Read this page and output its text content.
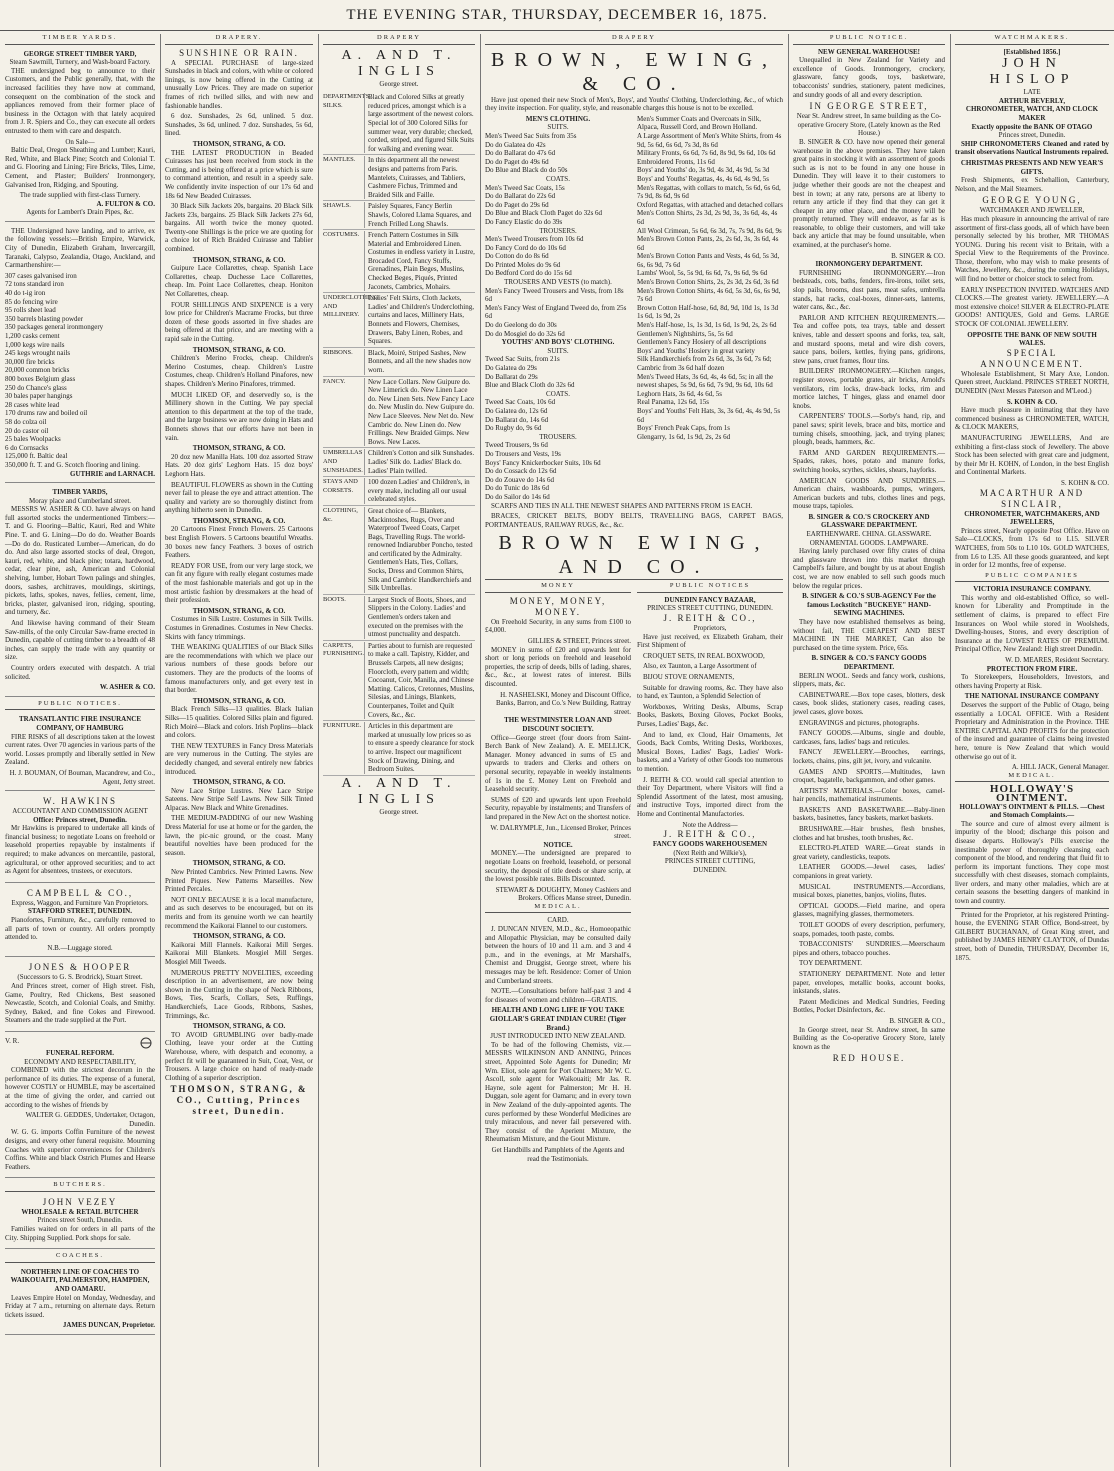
THE EVENING STAR, THURSDAY, DECEMBER 16, 1875.
TIMBER YARDS.
GEORGE STREET TIMBER YARD,
Steam Sawmill, Turnery, and Wash-board Factory.

THE undersigned beg to announce to their Customers, and the Public generally, that, with the increased facilities they have now at command, consequent on the combination of the stock and appliances removed from their former place of business in the Octagon with that lately acquired from J. R. Spiers and Co., they can execute all orders entrusted to them with care and despatch.

On Sale—

Baltic Deal, Oregon Sheathing and Lumber; Kauri, Red, White, and Black Pine; Scotch and Colonial T. and G. Flooring and Lining; Fire Bricks, Tiles, Lime, Cement, and Plaster; Builders' Ironmongery, Galvanised Iron, Ridging, and Spouting.

The trade supplied with first-class Turnery.
A. FULTON & CO.
Agents for Lambert's Drain Pipes, &c.

THE Undersigned have landing, and to arrive, ex the following vessels:—British Empire, Warwick, City of Dunedin, Elizabeth Graham, Invercargill, Taranaki, Calypso, Zealandia, Otago, Auckland, and Carmarthenshire:—

307 cases galvanised iron
72 tons standard iron
40 do t-ig iron
85 do fencing wire
95 rolls sheet lead
350 barrels blasting powder
350 packages general ironmongery
1,200 casks cement
1,000 kegs wire nails
245 kegs wrought nails
30,000 fire bricks
20,000 common bricks
800 boxes Belgium glass
250 do Chance's glass
30 bales paper hangings
28 cases white lead
170 drums raw and boiled oil
58 do colza oil
20 do castor oil
25 bales Woolpacks
6 do Cornsacks
125,000 ft. Baltic deal
350,000 ft. T. and G. Scotch flooring and lining.
GUTHRIE and LARNACH.
TIMBER YARDS,
Moray place and Cumberland street.

MESSRS W. ASHER & CO. have always on hand full assorted stocks the undermentioned Timbers:— T. and G. Flooring—Baltic, Kauri, Red and White Pine. T. and G. Lining—Do do do. Weather Boards—Do do do. Rusticated Lumber—American, do do do. And also large assorted stocks of deal, Oregon, kauri, red, white, and black pine; totara, hardwood, cedar, clear pine, ash, American and Colonial shelving, lumber, Hobart Town palings and shingles, doors, sashes, architraves, mouldings, skirtings, pickets, laths, spokes, naves, fellies, cement, lime, bricks, plaster, galvanised iron, ridging, spouting, and turnery, &c.

And likewise having command of their Steam Saw-mills, of the only Circular Saw-frame erected in Dunedin, capable of cutting timber to a breadth of 48 inches, can supply the trade with any quantity or size.

Country orders executed with despatch. A trial solicited.

W. ASHER & CO.
PUBLIC NOTICES.
TRANSATLANTIC FIRE INSURANCE COMPANY, OF HAMBURG

FIRE RISKS of all descriptions taken at the lowest current rates. Over 70 agencies in various parts of the world. Losses promptly and liberally settled in New Zealand.

H. J. BOUMAN, Of Bouman, Macandrew, and Co., Agent, Jetty street.
W. HAWKINS
ACCOUNTANT AND COMMISSION AGENT
Office: Princes street, Dunedin.

Mr Hawkins is prepared to undertake all kinds of financial business; to negotiate Loans on freehold or leasehold properties repayable by instalments if required; to make advances on mercantile, pastoral, agricultural, or other approved securities; and to act as Agent for absentees, trustees, or executors.

CAMPBELL & CO.,
Express, Waggon, and Furniture Van Proprietors.
STAFFORD STREET, DUNEDIN.

Pianofortes, Furniture, &c., carefully removed to all parts of town or country. All orders promptly attended to.

N.B.—Luggage stored.
JONES & HOOPER
(Successors to G. S. Brodrick), Stuart Street.

And Princes street, corner of High street. Fish, Game, Poultry, Red Chickens, Best seasoned Newcastle, Scotch, and Colonial Coals, and Smithy. Sydney, Baked, and fine Cokes and Firewood. Steamers and the trade supplied at the Port.

V. R.
FUNERAL REFORM.
ECONOMY AND RESPECTABILITY,

COMBINED with the strictest decorum in the performance of its duties. The expense of a funeral, however COSTLY or HUMBLE, may be ascertained at the time of giving the order, and carried out according to the wishes of friends by

WALTER G. GEDDES, Undertaker, Octagon, Dunedin.

W. G. G. imports Coffin Furniture of the newest designs, and every other funeral requisite. Mourning Coaches with superior conveniences for Children's Coffins. White and black Ostrich Plumes and Hearse Feathers.

BUTCHERS.
JOHN VEZEY
WHOLESALE & RETAIL BUTCHER
Princes street South, Dunedin.

Families waited on for orders in all parts of the City. Shipping Supplied. Pork shops for sale.

COACHES.
NORTHERN LINE OF COACHES TO WAIKOUAITI, PALMERSTON, HAMPDEN, AND OAMARU.

Leaves Empire Hotel on Monday, Wednesday, and Friday at 7 a.m., returning on alternate days. Return tickets issued.

JAMES DUNCAN, Proprietor.
DRAPERY.
SUNSHINE OR RAIN.
A SPECIAL PURCHASE of large-sized Sunshades in black and colors, with white or colored linings, is now being offered in the Cutting at unusually Low Prices. They are made on superior frames of rich twilled silks, and with new and fashionable handles.
6 doz. Sunshades, 2s 6d, unlined. 5 doz. Sunshades, 3s 6d, unlined. 7 doz. Sunshades, 5s 6d, lined.
THOMSON, STRANG, & CO.
THE LATEST PRODUCTION in Beaded Cuirasses has just been received from stock in the Cutting, and is being offered at a price which is sure to command attention, and result in a speedy sale. We confidently invite inspection of our 17s 6d and 18s 6d New Beaded Cuirasses.
30 Black Silk Jackets 20s, bargains. 20 Black Silk Jackets 23s, bargains. 25 Black Silk Jackets 27s 6d, bargains. All worth twice the money quoted. Twenty-one Shillings is the price we are quoting for a choice lot of Rich Braided Cuirasse and Tablier combined.
THOMSON, STRANG, & CO.
Guipure Lace Collarettes, cheap. Spanish Lace Collarettes, cheap. Duchesse Lace Collarettes, cheap. Im. Point Lace Collarettes, cheap. Honiton Net Collarettes, cheap.
FOUR SHILLINGS AND SIXPENCE is a very low price for Children's Macrame Frocks, but three dozen of these goods assorted in five shades are being offered at that price, and are meeting with a rapid sale in the Cutting.
THOMSON, STRANG, & CO.
Children's Merino Frocks, cheap. Children's Merino Costumes, cheap. Children's Lustre Costumes, cheap. Children's Holland Pinafores, new shapes. Children's Merino Pinafores, trimmed.
MUCH LIKED OF, and deservedly so, is the Millinery shown in the Cutting. We pay special attention to this department at the top of the trade, and the large business we are now doing in Hats and Bonnets shows that our efforts have not been in vain.
THOMSON, STRANG, & CO.
20 doz new Manilla Hats. 100 doz assorted Straw Hats. 20 doz girls' Leghorn Hats. 15 doz boys' Leghorn Hats.
BEAUTIFUL FLOWERS as shown in the Cutting never fail to please the eye and attract attention. The quality and variety are so thoroughly distinct from anything hitherto seen in Dunedin.
THOMSON, STRANG, & CO.
20 Cartoons Finest French Flowers. 25 Cartoons best English Flowers. 5 Cartoons beautiful Wreaths. 30 boxes new fancy Feathers. 3 boxes of ostrich Feathers.
READY FOR USE, from our very large stock, we can fit any figure with really elegant costumes made of the most fashionable materials and got up in the most artistic fashion by dressmakers at the head of their profession.
THOMSON, STRANG, & CO.
Costumes in Silk Lustre. Costumes in Silk Twills. Costumes in Grenadines. Costumes in New Checks. Skirts with fancy trimmings.
THE WEAKING QUALITIES of our Black Silks are the recommendations with which we place our various numbers of these goods before our customers. They are the products of the looms of famous manufacturers only, and get every test in that border.
THOMSON, STRANG, & CO.
Black French Silks—13 qualities. Black Italian Silks—15 qualities. Colored Silks plain and figured. Rich Moiré—Black and colors. Irish Poplins—black and colors.
THE NEW TEXTURES in Fancy Dress Materials are very numerous in the Cutting. The styles are decidedly changed, and several entirely new fabrics introduced.
THOMSON, STRANG, & CO.
New Lace Stripe Lustres. New Lace Stripe Sateens. New Stripe Self Lawns. New Silk Tinted Alpacas. New Black and White Grenadines.
THE MEDIUM-PADDING of our new Washing Dress Material for use at home or for the garden, the lawn, the pic-nic ground, or the coast. Many beautiful novelties have been produced for the season.
THOMSON, STRANG, & CO.
New Printed Cambrics. New Printed Lawns. New Printed Piques. New Patterns Marseilles. New Printed Percales.
NOT ONLY BECAUSE it is a local manufacture, and as such deserves to be encouraged, but on its merits and from its genuine worth we can heartily recommend the Kaikorai Flannel to our customers.
THOMSON, STRANG, & CO.
Kaikorai Mill Flannels. Kaikorai Mill Serges. Kaikorai Mill Blankets. Mosgiel Mill Serges. Mosgiel Mill Tweeds.
NUMEROUS PRETTY NOVELTIES, exceeding description in an advertisement, are now being shown in the Cutting in the shape of Neck Ribbons, Bows, Ties, Scarfs, Collars, Sets, Ruffings, Handkerchiefs, Lace Goods, Ribbons, Sashes, Trimmings, &c.
THOMSON, STRANG, & CO.
TO AVOID GRUMBLING over badly-made Clothing, leave your order at the Cutting Warehouse, where, with despatch and economy, a perfect fit will be guaranteed in Suit, Coat, Vest, or Trousers. A large choice on hand of ready-made Clothing of a superior description.
THOMSON, STRANG, & CO., Cutting, Princes street, Dunedin.
DRAPERY
A. AND T. INGLIS
George street.
DEPARTMENTS. SILKS.
Black and Colored Silks at greatly reduced prices, amongst which is a large assortment of the newest colors. Special lot of 300 Colored Silks for summer wear, very durable; checked, corded, striped, and figured Silk Suits for walking and evening wear.
MANTLES.	In this department all the newest designs and patterns from Paris. Mantelets, Cuirasses, and Tabliers, Cashmere Fichus, Trimmed and Braided Silk and Faille.
SHAWLS.	Paisley Squares, Fancy Berlin Shawls, Colored Llama Squares, and French Frilled Long Shawls.
COSTUMES.	French Pattern Costumes in Silk Material and Embroidered Linen. Costumes in endless variety in Lustre, Brocaded Cord, Fancy Stuffs, Grenadines, Plain Beges, Muslins, Checked Beges, Piqués, Printed Jaconets, Cambrics, Mohairs.
UNDERCLOTHING AND MILLINERY.
Ladies' Felt Skirts, Cloth Jackets, Ladies' and Children's Underclothing, curtains and laces, Millinery Hats, Bonnets and Flowers, Chemises, Drawers, Baby Linen, Robes, and Squares.
RIBBONS.	Black, Moiré, Striped Sashes, New Bonnets, and all the new shades now worn.
FANCY.	New Lace Collars. New Guipure do. New Limerick do. New Linen Lace do. New Linen Sets. New Fancy Lace do. New Muslin do. New Guipure do. New Lace Sleeves. New Net do. New Cambric do. New Linen do. New Frillings. New Braided Gimps. New Bows. New Laces.
UMBRELLAS AND SUNSHADES.
Children's Cotton and silk Sunshades. Ladies' Silk do. Ladies' Black do. Ladies' Plain twilled.
STAYS AND CORSETS.
100 dozen Ladies' and Children's, in every make, including all our usual celebrated styles.
CLOTHING, &c.
Great choice of— Blankets, Mackintoshes, Rugs, Over and Waterproof Tweed Coats, Carpet Bags, Travelling Rugs. The world-renowned Indiarubber Poncho, tested and certificated by the Admiralty. Gentlemen's Hats, Ties, Collars, Socks, Dress and Common Shirts, Silk and Cambric Handkerchiefs and Silk Umbrellas.
BOOTS.	Largest Stock of Boots, Shoes, and Slippers in the Colony. Ladies' and Gentlemen's orders taken and executed on the premises with the utmost punctuality and despatch.
CARPETS, FURNISHING.
Parties about to furnish are requested to make a call. Tapistry, Kidder, and Brussels Carpets, all new designs; Floorcloth, every pattern and width; Cocoanut, Coir, Manilla, and Chinese Matting. Calicos, Cretonnes, Muslins, Silesias, and Linings, Blankets, Counterpanes, Toilet and Quilt Covers, &c., &c.
FURNITURE. Articles in this department are marked at unusually low prices so as to ensure a speedy clearance for stock to arrive. Inspect our magnificent Stock of Drawing, Dining, and Bedroom Suites.
A. AND T. INGLIS
George street.
DRAPERY
BROWN, EWING, & CO.

Have just opened their new Stock of Men's, Boys', and Youths' Clothing, Underclothing, &c., of which they invite inspection. For quality, style, and reasonable charges this house is not to be excelled.

MEN'S CLOTHING.
SUITS.
Men's Tweed Sac Suits from 35s
Do do Galatea do 42s
Do do Ballarat do 47s 6d
Do do Paget do 49s 6d
Do Blue and Black do do 50s
COATS.
Men's Tweed Sac Coats, 15s
Do do Ballarat do 22s 6d
Do do Paget do 29s 6d
Do Blue and Black Cloth Paget do 32s 6d
Do Fancy Elastic do do 39s
TROUSERS.
Men's Tweed Trousers from 10s 6d
Do Fancy Cord do do 10s 6d
Do Cotton do do 8s 6d
Do Printed Moles do 9s 6d
Do Bedford Cord do do 15s 6d
TROUSERS AND VESTS (to match).
Men's Fancy Tweed Trousers and Vests, from 18s 6d
Men's Fancy West of England Tweed do, from 25s 6d
Do do Geelong do do 30s
Do do Mosgiel do do 32s 6d
YOUTHS' AND BOYS' CLOTHING.
SUITS.
Tweed Sac Suits, from 21s
Do Galatea do 29s
Do Ballarat do 29s
Blue and Black Cloth do 32s 6d
COATS.
Tweed Sac Coats, 10s 6d
Do Galatea do, 12s 6d
Do Ballarat do, 14s 6d
Do Rugby do, 9s 6d
TROUSERS.
Tweed Trousers, 9s 6d
Do Trousers and Vests, 19s
Boys' Fancy Knickerbocker Suits, 10s 6d
Do do Cossack do 12s 6d
Do do Zouave do 14s 6d
Do do Tunic do 18s 6d
Do do Sailor do 14s 6d
Men's Summer Coats and Overcoats in Silk, Alpaca, Russell Cord, and Brown Holland.
A Large Assortment of Men's White Shirts, from 4s 9d, 5s 6d, 6s 6d, 7s 3d, 8s 6d
Military Fronts, 6s 6d, 7s 6d, 8s 9d, 9s 6d, 10s 6d
Embroidered Fronts, 11s 6d
Boys' and Youths' do, 3s 9d, 4s 3d, 4s 9d, 5s 3d
Boys' and Youths' Regattas, 4s, 4s 6d, 4s 9d, 5s
Men's Regattas, with collars to match, 5s 6d, 6s 6d, 7s 9d, 8s 6d, 9s 6d
Oxford Regattas, with attached and detached collars
Men's Cotton Shirts, 2s 3d, 2s 9d, 3s, 3s 6d, 4s, 4s 6d
All Wool Crimean, 5s 6d, 6s 3d, 7s, 7s 9d, 8s 6d, 9s
Men's Brown Cotton Pants, 2s, 2s 6d, 3s, 3s 6d, 4s 6d
Men's Brown Cotton Pants and Vests, 4s 6d, 5s 3d, 6s, 6s 9d, 7s 6d
Lambs' Wool, 5s, 5s 9d, 6s 6d, 7s, 9s 6d, 9s 6d
Men's Brown Cotton Shirts, 2s, 2s 3d, 2s 6d, 3s 6d
Men's Brown Cotton Shirts, 4s 6d, 5s 3d, 6s, 6s 9d, 7s 6d
Brown Cotton Half-hose, 6d, 8d, 9d, 10d 1s, 1s 3d 1s 6d, 1s 9d, 2s
Men's Half-hose, 1s, 1s 3d, 1s 6d, 1s 9d, 2s, 2s 6d
Gentlemen's Nightshirts, 5s, 5s 6d
Gentlemen's Fancy Hosiery of all descriptions
Boys' and Youths' Hosiery in great variety
Silk Handkerchiefs from 2s 6d, 3s, 3s 6d, 7s 6d; Cambric from 3s 6d half dozen
Men's Tweed Hats, 3s 6d, 4s, 4s 6d, 5s; in all the newest shapes, 5s 9d, 6s 6d, 7s 9d, 9s 6d, 10s 6d
Leghorn Hats, 3s 6d, 4s 6d, 5s
Real Panama, 12s 6d, 15s
Boys' and Youths' Felt Hats, 3s, 3s 6d, 4s, 4s 9d, 5s 6d
Boys' French Peak Caps, from 1s
Glengarry, 1s 6d, 1s 9d, 2s, 2s 6d

SCARFS AND TIES IN ALL THE NEWEST SHAPES AND PATTERNS FROM 1S EACH.

BRACES, CRICKET BELTS, BODY BELTS, TRAVELLING BAGS, CARPET BAGS, PORTMANTEAUS, RAILWAY RUGS, &c., &c.

BROWN EWING, AND CO.
MONEY
MONEY, MONEY, MONEY.

On Freehold Security, in any sums from £100 to £4,000.

GILLIES & STREET, Princes street.

MONEY in sums of £20 and upwards lent for short or long periods on freehold and leasehold properties, the scrip of deeds, bills of lading, shares, &c., &c., at lowest rates of interest. Bills discounted.

H. NASHELSKI, Money and Discount Office, Banks, Barron, and Co.'s New Building, Rattray street.
THE WESTMINSTER LOAN AND DISCOUNT SOCIETY.

Office—George street (four doors from Saint-Berch Bank of New Zealand). A. E. MELLICK, Manager. Money advanced in sums of £5 and upwards to traders and Clerks and others on personal security, repayable in weekly instalments of 1s in the £. Money Lent on Freehold and Leasehold security.

SUMS of £20 and upwards lent upon Freehold Security, repayable by instalments; and Transfers of land prepared in the New Act on the shortest notice.

W. DALRYMPLE, Jun., Licensed Broker, Princes street.
NOTICE.

MONEY.—The undersigned are prepared to negotiate Loans on freehold, leasehold, or personal security, the deposit of title deeds or share scrip, at the lowest possible rates. Bills Discounted.

STEWART & DOUGHTY, Money Cashiers and Brokers. Offices Manse street, Dunedin.
MEDICAL.
CARD.

J. DUNCAN NIVEN, M.D., &c., Homoeopathic and Allopathic Physician, may be consulted daily between the hours of 10 and 11 a.m. and 3 and 4 p.m., and in the evenings, at Mr Marshall's, Chemist and Druggist, George street, where his messages may be left. Residence: Corner of Union and Cumberland streets.

NOTE.—Consultations before half-past 3 and 4 for diseases of women and children—GRATIS.

HEALTH AND LONG LIFE IF YOU TAKE GIOLLAR'S GREAT INDIAN CURE! (Tiger Brand.)
JUST INTRODUCED INTO NEW ZEALAND.

To be had of the following Chemists, viz.—MESSRS WILKINSON AND ANNING, Princes street, Appointed Sole Agents for Dunedin; Mr Wm. Eliot, sole agent for Port Chalmers; Mr W. C. Ascoll, sole agent for Waikouaiti; Mr Jas. R. Hayne, sole agent for Palmerston; Mr H. H. Duggan, sole agent for Oamaru; and in every town in New Zealand of the duly-appointed agents. The cures performed by these Wonderful Medicines are truly miraculous, and never fail persevered with. They consist of the Aperient Mixture, the Rheumatism Mixture, and the Gout Mixture.

Get Handbills and Pamphlets of the Agents and read the Testimonials.
PUBLIC NOTICES
DUNEDIN FANCY BAZAAR,
PRINCES STREET CUTTING, DUNEDIN.
J. REITH & CO.,
Proprietors,
Have just received, ex Elizabeth Graham, their First Shipment of
CROQUET SETS, IN REAL BOXWOOD,
Also, ex Taunton, a Large Assortment of
BIJOU STOVE ORNAMENTS,
Suitable for drawing rooms, &c. They have also to hand, ex Taunton, a Splendid Selection of
Workboxes, Writing Desks, Albums, Scrap Books, Baskets, Boxing Gloves, Pocket Books, Purses, Ladies' Bags, &c.
And to land, ex Cloud, Hair Ornaments, Jet Goods, Back Combs, Writing Desks, Workboxes, Musical Boxes, Ladies' Bags, Ladies' Work-baskets, and a Variety of other Goods too numerous to mention.
J. REITH & CO. would call special attention to their Toy Department, where Visitors will find a Splendid Assortment of the latest, most amusing, and instructive Toys, imported direct from the Home and Continental Manufactories.
Note the Address—
J. REITH & CO.,
FANCY GOODS WAREHOUSEMEN
(Next Reith and Wilkie's),
PRINCES STREET CUTTING,
DUNEDIN.
PUBLIC NOTICE.
NEW GENERAL WAREHOUSE!

Unequalled in New Zealand for Variety and excellence of Goods. Ironmongery, crockery, glassware, fancy goods, toys, basketware, tobacconists' sundries, stationery, patent medicines, and sundry goods of all and every description.

IN GEORGE STREET,
Near St. Andrew street, In same building as the Co-operative Grocery Store, (Lately known as the Red House.)

B. SINGER & CO. have now opened their general warehouse in the above premises. They have taken great pains in stocking it with an assortment of goods such as is not to be found in any one house in Dunedin. They will leave it to their customers to judge whether their goods are not the cheapest and best in town; at any rate, persons are at liberty to return any article if they find that they can get it cheaper in any other place, and the money will be promptly returned. They will endeavor, as far as is reasonable, to oblige their customers, and will take back any article that may be found unsuitable, when examined, at the purchaser's home.

B. SINGER & CO.
IRONMONGERY DEPARTMENT.
FURNISHING IRONMONGERY.—Iron bedsteads, cots, baths, fenders, fire-irons, toilet sets, slop pails, brooms, dust pans, meat safes, umbrella stands, hat racks, coal-boxes, dinner-sets, lanterns, water cans, &c., &c.
PARLOR AND KITCHEN REQUIREMENTS.—Tea and coffee pots, tea trays, table and dessert knives, table and dessert spoons and forks, tea, salt, and mustard spoons, metal and wire dish covers, sauce pans, boilers, kettles, frying pans, gridirons, stew pans, cruet frames, flour tins.
BUILDERS' IRONMONGERY.—Kitchen ranges, register stoves, portable grates, air bricks, Arnold's ventilators, rim locks, draw-back locks, rim and mortice latches, T hinges, glass and enamel door knobs.
CARPENTERS' TOOLS.—Sorby's hand, rip, and panel saws; spirit levels, brace and bits, mortice and turning chisels, smoothing, jack, and trying planes; plough, beads, hammers, &c.
FARM AND GARDEN REQUIREMENTS.—Spades, rakes, hoes, potato and manure forks, switching hooks, scythes, sickles, shears, hayforks.
AMERICAN GOODS AND SUNDRIES.—American chairs, washboards, pumps, wringers, American buckets and tubs, clothes lines and pegs, mouse traps, tapioles.
B. SINGER & CO.'S CROCKERY AND GLASSWARE DEPARTMENT.
EARTHENWARE. CHINA. GLASSWARE. ORNAMENTAL GOODS. LAMPWARE.

Having lately purchased over fifty crates of china and glassware thrown into this market through Campbell's failure, and bought by us at about English cost, we are now enabled to sell such goods much below the regular prices.

B. SINGER & CO.'S SUB-AGENCY For the famous Lockstitch "BUCKEYE" HAND-SEWING MACHINES.

They have now established themselves as being, without fail, THE CHEAPEST AND BEST MACHINE IN THE MARKET, Can also be purchased on the time system. Price, 65s.

B. SINGER & CO.'S FANCY GOODS DEPARTMENT.
BERLIN WOOL. Seeds and fancy work, cushions, slippers, mats, &c.
CABINETWARE.—Box tope cases, blotters, desk cases, book slides, stationery cases, reading cases, jewel cases, glove boxes.
ENGRAVINGS and pictures, photographs.
FANCY GOODS.—Albums, single and double, cardcases, fans, ladies' bags and reticules.
FANCY JEWELLERY.—Brooches, earrings, lockets, chains, pins, gilt jet, ivory, and vulcanite.
GAMES AND SPORTS.—Multitudes, lawn croquet, bagatelle, backgammon, and other games.
ARTISTS' MATERIALS.—Color boxes, camel-hair pencils, mathematical instruments.
BASKETS AND BASKETWARE.—Baby-linen baskets, basinettes, fancy baskets, market baskets.
BRUSHWARE.—Hair brushes, flesh brushes, clothes and hat brushes, tooth brushes, &c.
ELECTRO-PLATED WARE.—Great stands in great variety, candlesticks, teapots.
LEATHER GOODS.—Jewel cases, ladies' companions in great variety.
MUSICAL INSTRUMENTS.—Accordians, musical boxes, pianettes, banjos, violins, flutes.
OPTICAL GOODS.—Field marine, and opera glasses, magnifying glasses, thermometers.
TOILET GOODS of every description, perfumery, soaps, pomades, tooth paste, combs.
TOBACCONISTS' SUNDRIES.—Meerschaum pipes and others, tobacco pouches.
TOY DEPARTMENT.
STATIONERY DEPARTMENT. Note and letter paper, envelopes, metallic books, account books, inkstands, slates.
Patent Medicines and Medical Sundries, Feeding Bottles, Pocket Disinfectors, &c.
B. SINGER & CO.,

In George street, near St. Andrew street, In same Building as the Co-operative Grocery Store, lately known as the

RED HOUSE.
WATCHMAKERS.
[Established 1856.]
JOHN HISLOP
LATE
ARTHUR BEVERLY,
CHRONOMETER, WATCH, AND CLOCK MAKER
Exactly opposite the BANK OF OTAGO
Princes street, Dunedin.

SHIP CHRONOMETERS Cleaned and rated by transit observations Nautical Instruments repaired.

CHRISTMAS PRESENTS AND NEW YEAR'S GIFTS.

Fresh Shipments, ex Schehallion, Canterbury, Nelson, and the Mail Steamers.

GEORGE YOUNG,
WATCHMAKER AND JEWELLER,

Has much pleasure in announcing the arrival of rare assortment of first-class goods, all of which have been personally selected by his brother, MR THOMAS YOUNG. During his recent visit to Britain, with a Special View to the Requirements of the Province. Those, therefore, who may wish to make presents of Watches, Jewellery, &c., during the coming Holidays, will find no better or choicer stock to select from.

EARLY INSPECTION INVITED. WATCHES AND CLOCKS.—The greatest variety. JEWELLERY.—A most extensive choice! SILVER & ELECTRO-PLATE GOODS! ANTIQUES, Gold and Gems. LARGE STOCK OF COLONIAL JEWELLERY.

OPPOSITE THE BANK OF NEW SOUTH WALES.
SPECIAL ANNOUNCEMENT.

Wholesale Establishment, St Mary Axe, London. Queen street, Auckland. PRINCES STREET NORTH, DUNEDIN (Next Messrs Paterson and M'Leod.)

S. KOHN & CO.

Have much pleasure in intimating that they have commenced business as CHRONOMETER, WATCH, & CLOCK MAKERS,

MANUFACTURING JEWELLERS, And are exhibiting a first-class stock of Jewellery. The above Stock has been selected with great care and judgment, by their Mr H. KOHN, of London, in the best English and Continental Markets.

S. KOHN & CO.
MACARTHUR AND SINCLAIR,
CHRONOMETER, WATCHMAKERS, AND JEWELLERS,

Princes street, Nearly opposite Post Office. Have on Sale—CLOCKS, from 17s 6d to L15. SILVER WATCHES, from 50s to L10 10s. GOLD WATCHES, from L6 to L35. All these goods guaranteed, and kept in order for 12 months, free of expense.

PUBLIC COMPANIES
VICTORIA INSURANCE COMPANY.

This worthy and old-established Office, so well-known for Liberality and Promptitude in the settlement of claims, is prepared to effect Fire Insurances on Wool while stored in Woolsheds, Dwelling-houses, Stores, and every description of Insurance at the LOWEST RATES OF PREMIUM. Principal Office, New Zealand: High street Dunedin.

W. D. MEARES, Resident Secretary.
PROTECTION FROM FIRE.

To Storekeepers, Householders, Investors, and others having Property at Risk.

THE NATIONAL INSURANCE COMPANY

Deserves the support of the Public of Otago, being essentially a LOCAL OFFICE. With a Resident Proprietary and Administration in the Province. THE ENTIRE CAPITAL AND PROFITS for the protection of the insured and guarantee of claims being invested here, tenure is New Zealand that which would otherwise go out of it.

A. HILL JACK, General Manager.
MEDICAL.
HOLLOWAY'S OINTMENT.
HOLLOWAY'S OINTMENT & PILLS. —Chest and Stomach Complaints.—

The source and cure of almost every ailment is impurity of the blood; discharge this poison and disease departs. Holloway's Pills exercise the inestimable power of thoroughly cleansing each component of the blood, and rendering that fluid fit to perform its important functions. They cope most successfully with chest diseases, stomach complaints, liver orders, and many other maladies, which are at certain seasons the besetting dangers of mankind in town and country.

Printed for the Proprietor, at his registered Printing-house, the EVENING STAR Office, Bond-street, by GILBERT BUCHANAN, of Great King street, and published by JAMES HENRY CLAYTON, of Dundas street, both of Dunedin, THURSDAY, December 16, 1875.
